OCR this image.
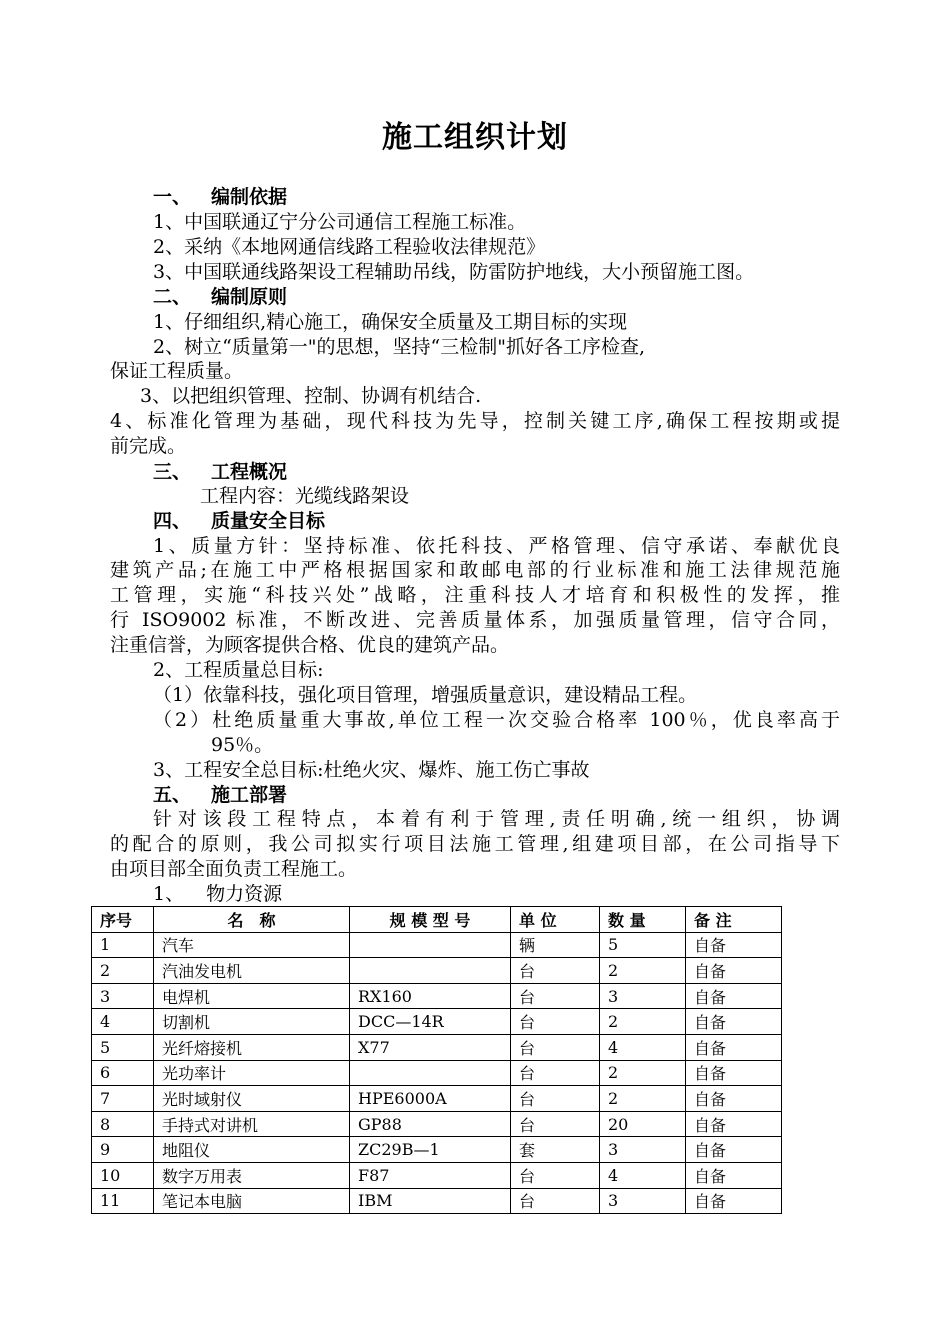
施工组织计划
一、 编制依据
1、中国联通辽宁分公司通信工程施工标准。
2、采纳《本地网通信线路工程验收法律规范》
3、中国联通线路架设工程辅助吊线，防雷防护地线，大小预留施工图。
二、 编制原则
1、仔细组织,精心施工，确保安全质量及工期目标的实现
2、树立“质量第一"的思想，坚持“三检制"抓好各工序检查,
保证工程质量。
3、以把组织管理、控制、协调有机结合.
4、标准化管理为基础，现代科技为先导，控制关键工序,确保工程按期或提
前完成。
三、 工程概况
工程内容：光缆线路架设
四、 质量安全目标
1、质量方针：坚持标准、依托科技、严格管理、信守承诺、奉献优良
建筑产品;在施工中严格根据国家和敢邮电部的行业标准和施工法律规范施
工管理，实施“科技兴处”战略，注重科技人才培育和积极性的发挥，推
行 ISO9002 标准，不断改进、完善质量体系，加强质量管理，信守合同，
注重信誉，为顾客提供合格、优良的建筑产品。
2、工程质量总目标:
（1）依靠科技，强化项目管理，增强质量意识，建设精品工程。
（2）杜绝质量重大事故,单位工程一次交验合格率 100％，优良率高于
95％。
3、工程安全总目标:杜绝火灾、爆炸、施工伤亡事故
五、 施工部署
针对该段工程特点，本着有利于管理,责任明确,统一组织，协调
的配合的原则，我公司拟实行项目法施工管理,组建项目部，在公司指导下
由项目部全面负责工程施工。
1、 物力资源
序号	名　称	规 模 型 号	单 位	数 量	备 注
1	汽车		辆	5	自备
2	汽油发电机		台	2	自备
3	电焊机	RX160	台	3	自备
4	切割机	DCC—14R	台	2	自备
5	光纤熔接机	X77	台	4	自备
6	光功率计		台	2	自备
7	光时域射仪	HPE6000A	台	2	自备
8	手持式对讲机	GP88	台	20	自备
9	地阻仪	ZC29B—1	套	3	自备
10	数字万用表	F87	台	4	自备
11	笔记本电脑	IBM	台	3	自备
